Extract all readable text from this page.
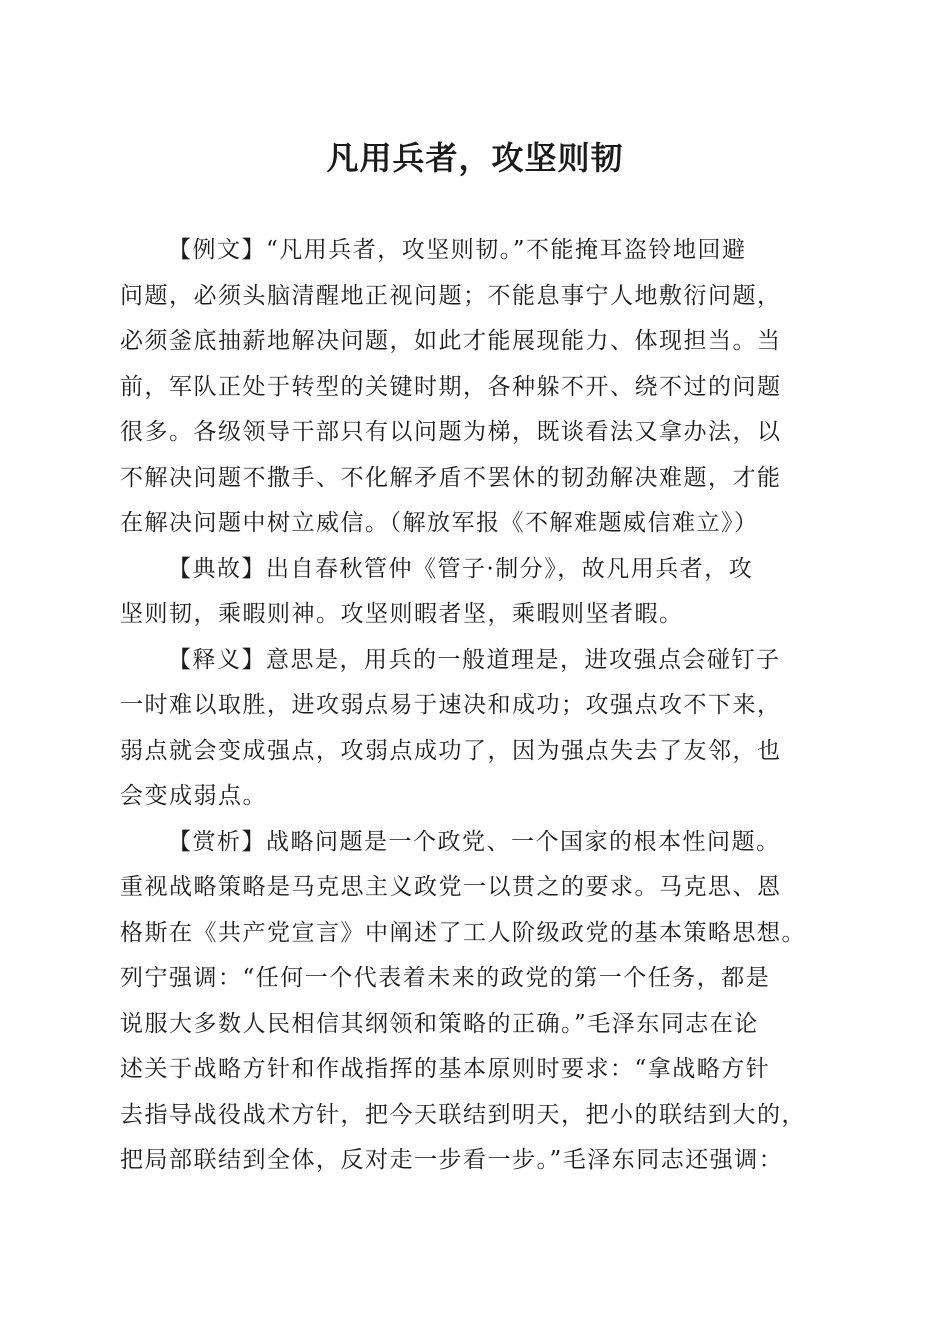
凡用兵者，攻坚则韧
【例文】“凡用兵者，攻坚则韧。”不能掩耳盗铃地回避
问题，必须头脑清醒地正视问题；不能息事宁人地敷衍问题，
必须釜底抽薪地解决问题，如此才能展现能力、体现担当。当
前，军队正处于转型的关键时期，各种躲不开、绕不过的问题
很多。各级领导干部只有以问题为梯，既谈看法又拿办法，以
不解决问题不撒手、不化解矛盾不罢休的韧劲解决难题，才能
在解决问题中树立威信。（解放军报《不解难题威信难立》）
【典故】出自春秋管仲《管子·制分》，故凡用兵者，攻
坚则韧，乘暇则神。攻坚则暇者坚，乘暇则坚者暇。
【释义】意思是，用兵的一般道理是，进攻强点会碰钉子
一时难以取胜，进攻弱点易于速决和成功；攻强点攻不下来，
弱点就会变成强点，攻弱点成功了，因为强点失去了友邻，也
会变成弱点。
【赏析】战略问题是一个政党、一个国家的根本性问题。
重视战略策略是马克思主义政党一以贯之的要求。马克思、恩
格斯在《共产党宣言》中阐述了工人阶级政党的基本策略思想。
列宁强调：“任何一个代表着未来的政党的第一个任务，都是
说服大多数人民相信其纲领和策略的正确。”毛泽东同志在论
述关于战略方针和作战指挥的基本原则时要求：“拿战略方针
去指导战役战术方针，把今天联结到明天，把小的联结到大的，
把局部联结到全体，反对走一步看一步。”毛泽东同志还强调：
